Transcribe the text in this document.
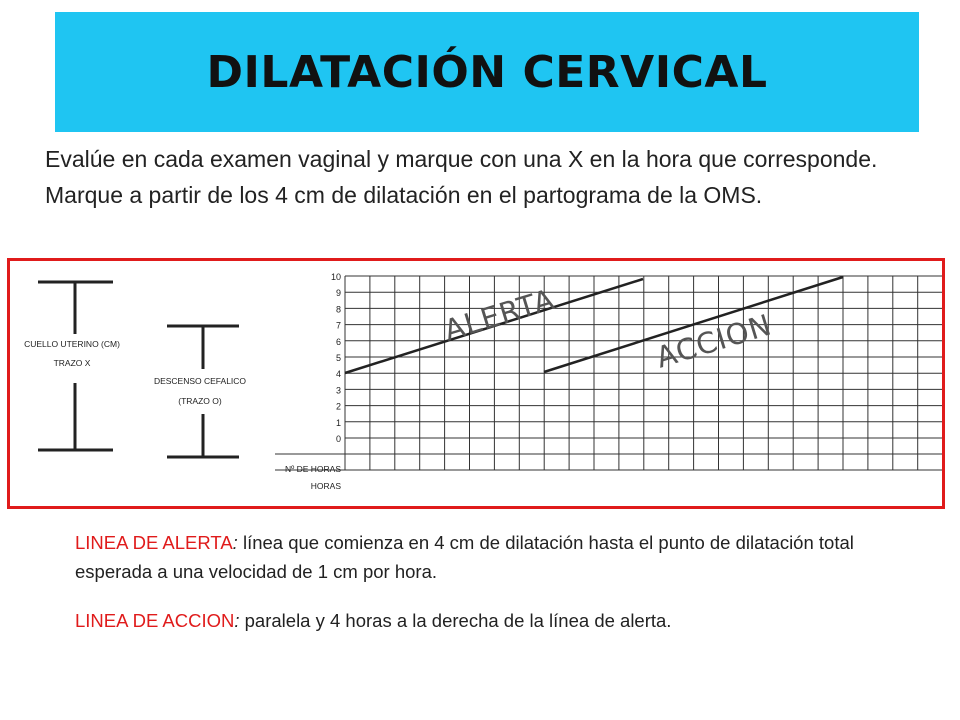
DILATACIÓN CERVICAL
Evalúe en cada examen vaginal y marque con una X en la hora que corresponde. Marque a partir de los 4 cm de dilatación en el partograma de la OMS.
CUELLO UTERINO (CM)
TRAZO X
DESCENSO CEFALICO
(TRAZO O)
10
9
8
7
6
5
4
3
2
1
0
Nº DE HORAS
HORAS
ALERTA	ACCION
LINEA DE ALERTA: línea que comienza en 4 cm de dilatación hasta el punto de dilatación total esperada a una velocidad de 1 cm por hora.
LINEA DE ACCION: paralela y 4 horas a la derecha de la línea de alerta.
